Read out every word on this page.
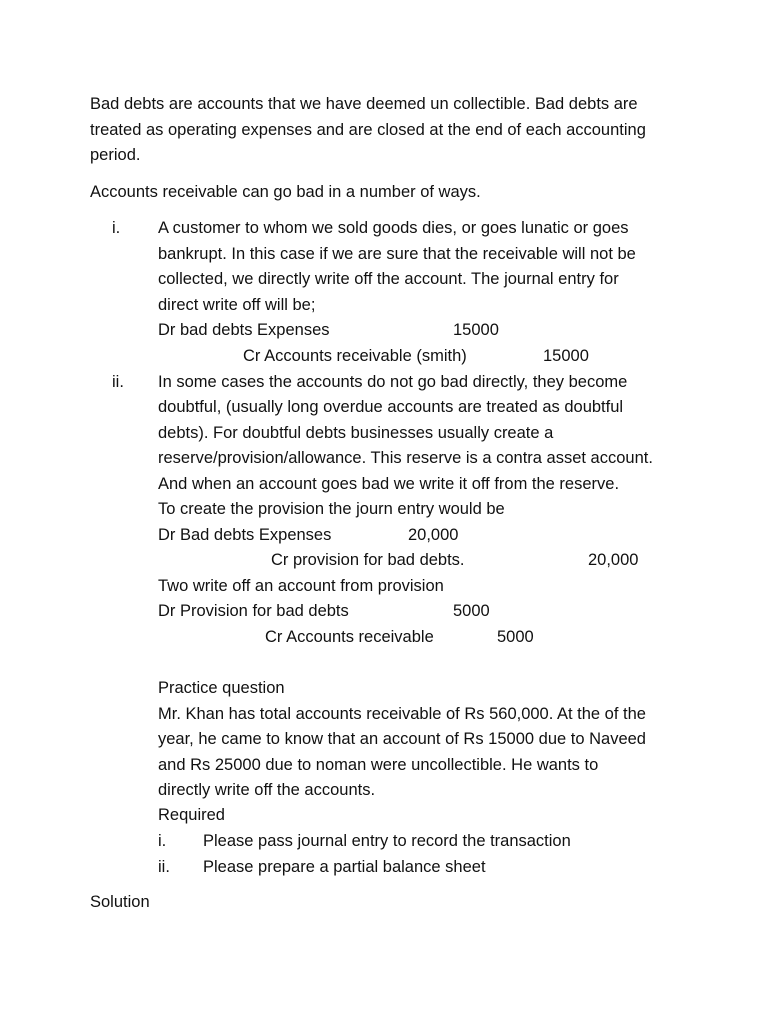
Bad debts are accounts that we have deemed un collectible. Bad debts are

treated as operating expenses and are closed at the end of each accounting

period.

Accounts receivable can go bad in a number of ways.
i. A customer to whom we sold goods dies, or goes lunatic or goes
bankrupt. In this case if we are sure that the receivable will not be
collected, we directly write off the account. The journal entry for
direct write off will be;
Dr bad debts Expenses	15000
Cr Accounts receivable (smith)	15000
ii. In some cases the accounts do not go bad directly, they become
doubtful, (usually long overdue accounts are treated as doubtful
debts). For doubtful debts businesses usually create a
reserve/provision/allowance. This reserve is a contra asset account.
And when an account goes bad we write it off from the reserve.
To create the provision the journ entry would be
Dr Bad debts Expenses	20,000
Cr provision for bad debts.	20,000
Two write off an account from provision
Dr Provision for bad debts	5000
Cr Accounts receivable	5000
Practice question
Mr. Khan has total accounts receivable of Rs 560,000. At the of the
year, he came to know that an account of Rs 15000 due to Naveed
and Rs 25000 due to noman were uncollectible. He wants to
directly write off the accounts.
Required
i. Please pass journal entry to record the transaction
ii. Please prepare a partial balance sheet
Solution
